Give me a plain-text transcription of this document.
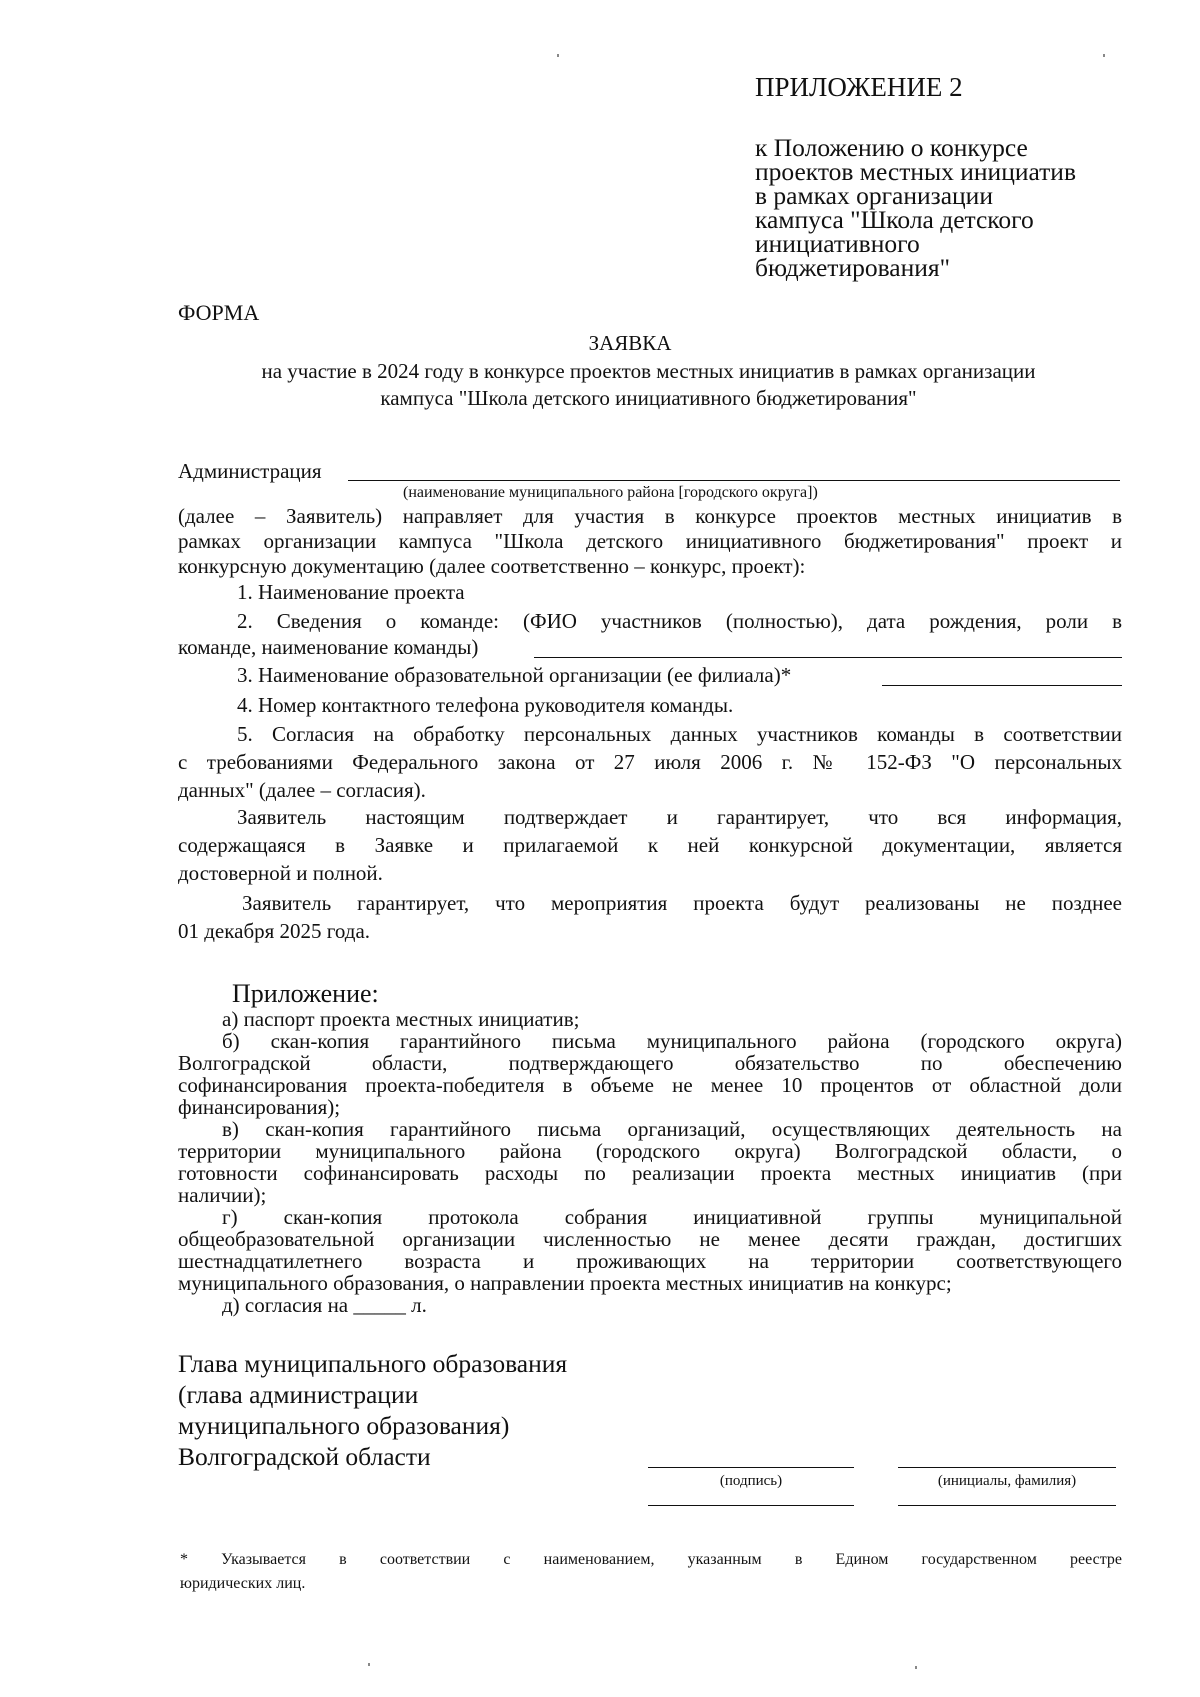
ПРИЛОЖЕНИЕ 2
к Положению о конкурсе
проектов местных инициатив
в рамках организации
кампуса "Школа детского
инициативного
бюджетирования"
ФОРМА
ЗАЯВКА
на участие в 2024 году в конкурсе проектов местных инициатив в рамках организации
кампуса "Школа детского инициативного бюджетирования"
Администрация
(наименование муниципального района [городского округа])
(далее – Заявитель) направляет для участия в конкурсе проектов местных инициатив в
рамках организации кампуса "Школа детского инициативного бюджетирования" проект и
конкурсную документацию (далее соответственно – конкурс, проект):
1. Наименование проекта
2. Сведения о команде: (ФИО участников (полностью), дата рождения, роли в
команде, наименование команды)
3. Наименование образовательной организации (ее филиала)*
4. Номер контактного телефона руководителя команды.
5. Согласия на обработку персональных данных участников команды в соответствии
с требованиями Федерального закона от 27 июля 2006 г. № 152-ФЗ "О персональных
данных" (далее – согласия).
Заявитель настоящим подтверждает и гарантирует, что вся информация,
содержащаяся в Заявке и прилагаемой к ней конкурсной документации, является
достоверной и полной.
Заявитель гарантирует, что мероприятия проекта будут реализованы не позднее
01 декабря 2025 года.
Приложение:
а) паспорт проекта местных инициатив;
б) скан-копия гарантийного письма муниципального района (городского округа)
Волгоградской области, подтверждающего обязательство по обеспечению
софинансирования проекта-победителя в объеме не менее 10 процентов от областной доли
финансирования);
в) скан-копия гарантийного письма организаций, осуществляющих деятельность на
территории муниципального района (городского округа) Волгоградской области, о
готовности софинансировать расходы по реализации проекта местных инициатив (при
наличии);
г) скан-копия протокола собрания инициативной группы муниципальной
общеобразовательной организации численностью не менее десяти граждан, достигших
шестнадцатилетнего возраста и проживающих на территории соответствующего
муниципального образования, о направлении проекта местных инициатив на конкурс;
д) согласия на _____ л.
Глава муниципального образования
(глава администрации
муниципального образования)
Волгоградской области
(подпись)	(инициалы, фамилия)
* Указывается в соответствии с наименованием, указанным в Едином государственном реестре
юридических лиц.
